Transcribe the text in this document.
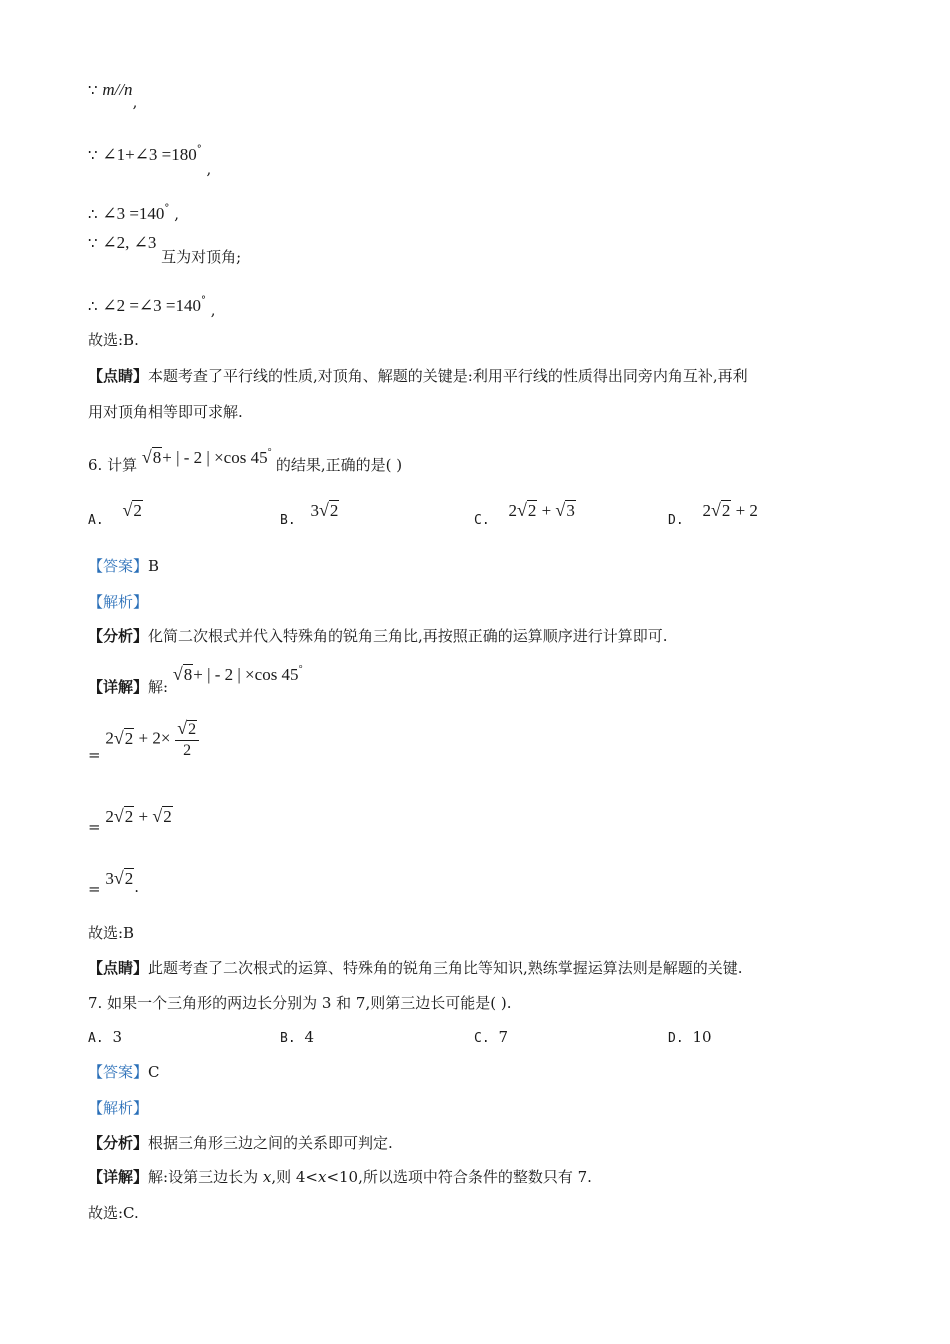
∵ m//n,
∵ ∠1+∠3 =180° ,
∴ ∠3 =140° ,
∵ ∠2, ∠3 互为对顶角;
∴ ∠2 =∠3 =140° ,
故选:B.
【点睛】本题考查了平行线的性质,对顶角、解题的关键是:利用平行线的性质得出同旁内角互补,再利
用对顶角相等即可求解.
6. 计算 √8+ | - 2 | ×cos 45° 的结果,正确的是( )
A. √2
B. 3√2
C. 2√2 + √3
D. 2√2 + 2
【答案】B
【解析】
【分析】化简二次根式并代入特殊角的锐角三角比,再按照正确的运算顺序进行计算即可.
【详解】解: √8+ | - 2 | ×cos 45°
= $2√2 + 2\times \frac{√2}{2}$
= 2√2 + √2
= 3√2.
故选:B
【点睛】此题考查了二次根式的运算、特殊角的锐角三角比等知识,熟练掌握运算法则是解题的关键.
7. 如果一个三角形的两边长分别为 3 和 7,则第三边长可能是( ).
A. 3	B. 4	C. 7	D. 10
【答案】C
【解析】
【分析】根据三角形三边之间的关系即可判定.
【详解】解:设第三边长为 x,则 4<x<10,所以选项中符合条件的整数只有 7.
故选:C.
